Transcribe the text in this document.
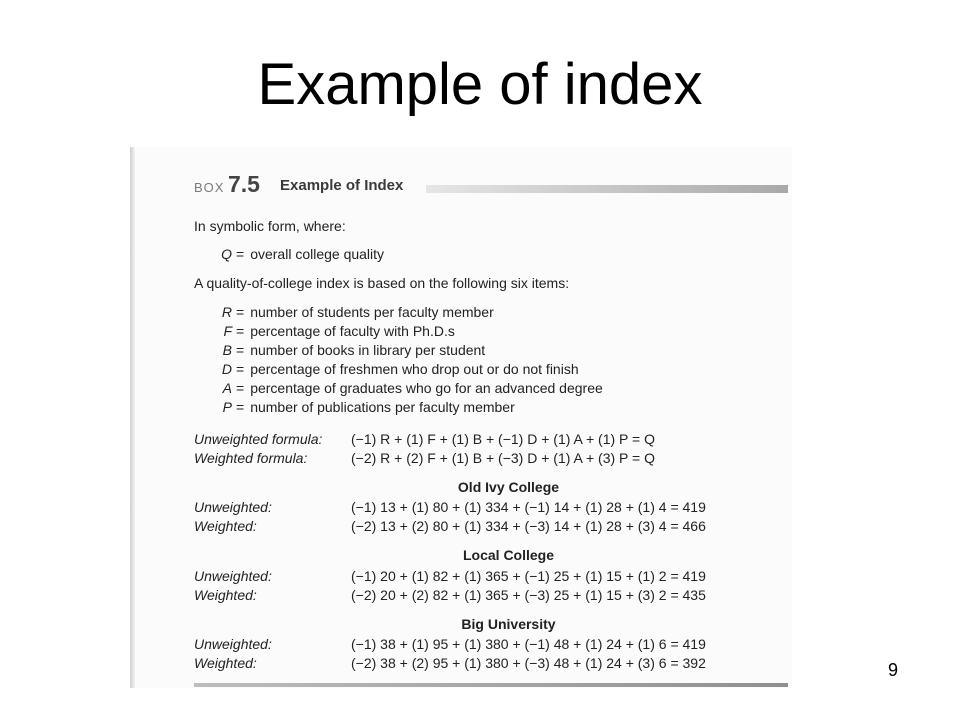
Example of index
BOX 7.5 Example of Index
In symbolic form, where:
Q = overall college quality
A quality-of-college index is based on the following six items:
R = number of students per faculty member
F = percentage of faculty with Ph.D.s
B = number of books in library per student
D = percentage of freshmen who drop out or do not finish
A = percentage of graduates who go for an advanced degree
P = number of publications per faculty member
Unweighted formula: (−1) R + (1) F + (1) B + (−1) D + (1) A + (1) P = Q
Weighted formula:	(−2) R + (2) F + (1) B + (−3) D + (1) A + (3) P = Q
Old Ivy College
Unweighted:	(−1) 13 + (1) 80 + (1) 334 + (−1) 14 + (1) 28 + (1) 4 = 419
Weighted:	(−2) 13 + (2) 80 + (1) 334 + (−3) 14 + (1) 28 + (3) 4 = 466
Local College
Unweighted:	(−1) 20 + (1) 82 + (1) 365 + (−1) 25 + (1) 15 + (1) 2 = 419
Weighted:	(−2) 20 + (2) 82 + (1) 365 + (−3) 25 + (1) 15 + (3) 2 = 435
Big University
Unweighted:	(−1) 38 + (1) 95 + (1) 380 + (−1) 48 + (1) 24 + (1) 6 = 419
Weighted:	(−2) 38 + (2) 95 + (1) 380 + (−3) 48 + (1) 24 + (3) 6 = 392	9
